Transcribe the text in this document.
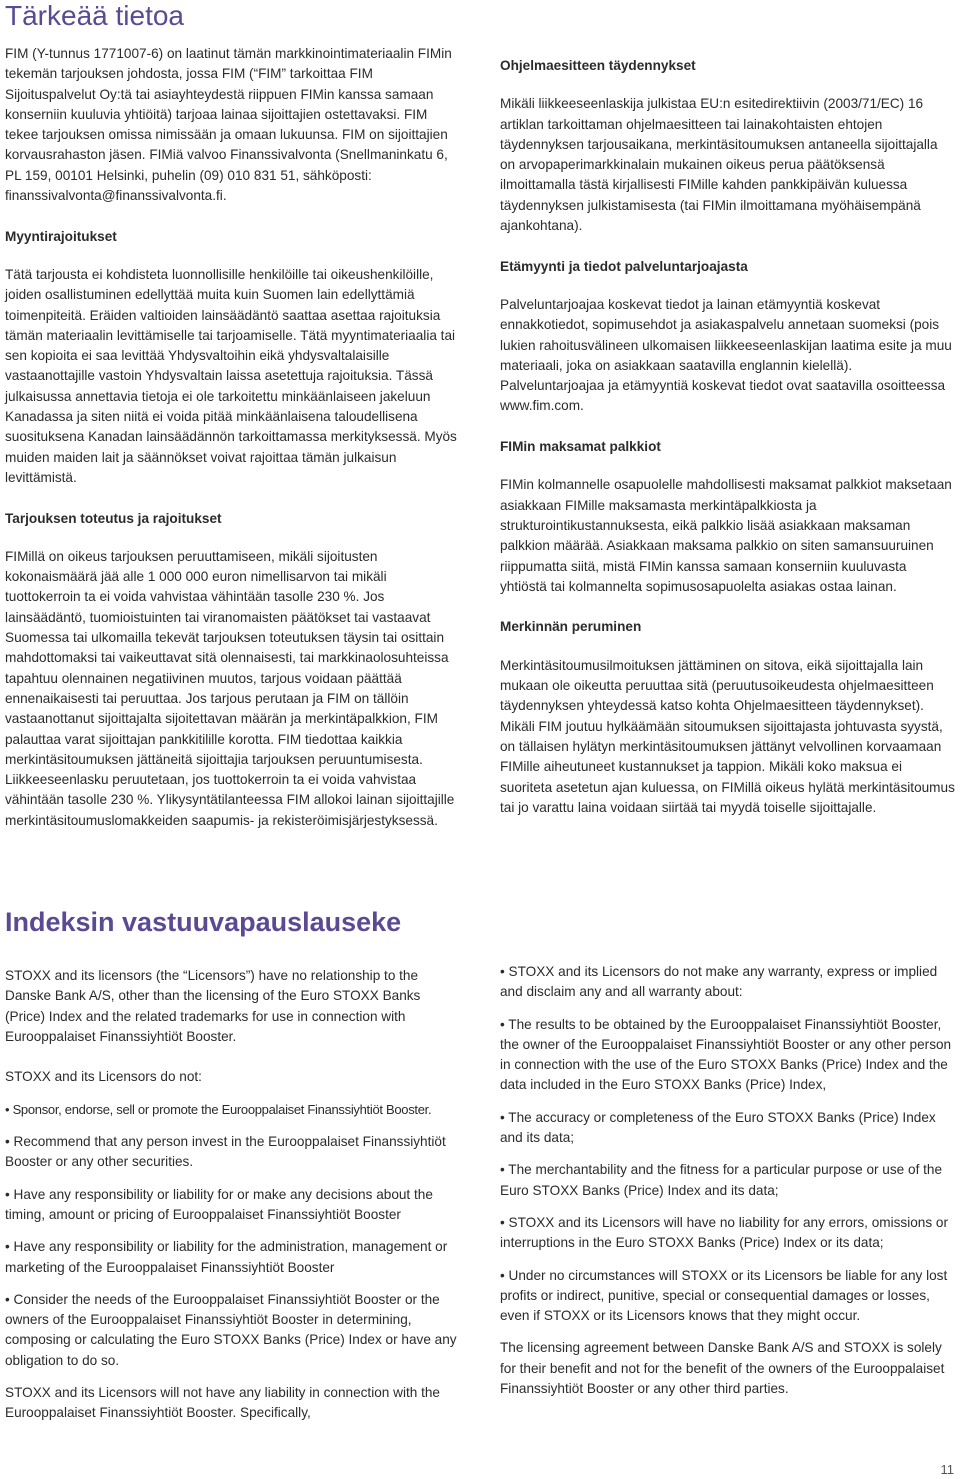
Tärkeää tietoa

FIM (Y-tunnus 1771007-6) on laatinut tämän markkinointimateriaalin FIMin tekemän tarjouksen johdosta, jossa FIM (“FIM” tarkoittaa FIM Sijoituspalvelut Oy:tä tai asiayhteydestä riippuen FIMin kanssa samaan konserniin kuuluvia yhtiöitä) tarjoaa lainaa sijoittajien ostettavaksi. FIM tekee tarjouksen omissa nimissään ja omaan lukuunsa. FIM on sijoittajien korvausrahaston jäsen. FIMiä valvoo Finanssivalvonta (Snellmaninkatu 6, PL 159, 00101 Helsinki, puhelin (09) 010 831 51, sähköposti: finanssivalvonta@finanssivalvonta.fi.

Myyntirajoitukset

Tätä tarjousta ei kohdisteta luonnollisille henkilöille tai oikeushenkilöille, joiden osallistuminen edellyttää muita kuin Suomen lain edellyttämiä toimenpiteitä. Eräiden valtioiden lainsäädäntö saattaa asettaa rajoituksia tämän materiaalin levittämiselle tai tarjoamiselle. Tätä myyntimateriaalia tai sen kopioita ei saa levittää Yhdysvaltoihin eikä yhdysvaltalaisille vastaanottajille vastoin Yhdysvaltain laissa asetettuja rajoituksia. Tässä julkaisussa annettavia tietoja ei ole tarkoitettu minkäänlaiseen jakeluun Kanadassa ja siten niitä ei voida pitää minkäänlaisena taloudellisena suosituksena Kanadan lainsäädännön tarkoittamassa merkityksessä. Myös muiden maiden lait ja säännökset voivat rajoittaa tämän julkaisun levittämistä.

Tarjouksen toteutus ja rajoitukset

FIMillä on oikeus tarjouksen peruuttamiseen, mikäli sijoitusten kokonaismäärä jää alle 1 000 000 euron nimellisarvon tai mikäli tuottokerroin ta ei voida vahvistaa vähintään tasolle 230 %. Jos lainsäädäntö, tuomioistuinten tai viranomaisten päätökset tai vastaavat Suomessa tai ulkomailla tekevät tarjouksen toteutuksen täysin tai osittain mahdottomaksi tai vaikeuttavat sitä olennaisesti, tai markkinaolosuhteissa tapahtuu olennainen negatiivinen muutos, tarjous voidaan päättää ennenaikaisesti tai peruuttaa. Jos tarjous perutaan ja FIM on tällöin vastaanottanut sijoittajalta sijoitettavan määrän ja merkintäpalkkion, FIM palauttaa varat sijoittajan pankkitilille korotta. FIM tiedottaa kaikkia merkintäsitoumuksen jättäneitä sijoittajia tarjouksen peruuntumisesta. Liikkeeseenlasku peruutetaan, jos tuottokerroin ta ei voida vahvistaa vähintään tasolle 230 %. Ylikysyntätilanteessa FIM allokoi lainan sijoittajille merkintäsitoumuslomakkeiden saapumis- ja rekisteröimisjärjestyksessä.

Ohjelmaesitteen täydennykset

Mikäli liikkeeseenlaskija julkistaa EU:n esitedirektiivin (2003/71/EC) 16 artiklan tarkoittaman ohjelmaesitteen tai lainakohtaisten ehtojen täydennyksen tarjousaikana, merkintäsitoumuksen antaneella sijoittajalla on arvopaperimarkkinalain mukainen oikeus perua päätöksensä ilmoittamalla tästä kirjallisesti FIMille kahden pankkipäivän kuluessa täydennyksen julkistamisesta (tai FIMin ilmoittamana myöhäisempänä ajankohtana).

Etämyynti ja tiedot palveluntarjoajasta

Palveluntarjoajaa koskevat tiedot ja lainan etämyyntiä koskevat ennakkotiedot, sopimusehdot ja asiakaspalvelu annetaan suomeksi (pois lukien rahoitusvälineen ulkomaisen liikkeeseenlaskijan laatima esite ja muu materiaali, joka on asiakkaan saatavilla englannin kielellä). Palveluntarjoajaa ja etämyyntiä koskevat tiedot ovat saatavilla osoitteessa www.fim.com.

FIMin maksamat palkkiot

FIMin kolmannelle osapuolelle mahdollisesti maksamat palkkiot maksetaan asiakkaan FIMille maksamasta merkintäpalkkiosta ja strukturointikustannuksesta, eikä palkkio lisää asiakkaan maksaman palkkion määrää. Asiakkaan maksama palkkio on siten samansuuruinen riippumatta siitä, mistä FIMin kanssa samaan konserniin kuuluvasta yhtiöstä tai kolmannelta sopimusosapuolelta asiakas ostaa lainan.

Merkinnän peruminen

Merkintäsitoumusilmoituksen jättäminen on sitova, eikä sijoittajalla lain mukaan ole oikeutta peruuttaa sitä (peruutusoikeudesta ohjelmaesitteen täydennyksen yhteydessä katso kohta Ohjelmaesitteen täydennykset). Mikäli FIM joutuu hylkäämään sitoumuksen sijoittajasta johtuvasta syystä, on tällaisen hylätyn merkintäsitoumuksen jättänyt velvollinen korvaamaan FIMille aiheutuneet kustannukset ja tappion. Mikäli koko maksua ei suoriteta asetetun ajan kuluessa, on FIMillä oikeus hylätä merkintäsitoumus tai jo varattu laina voidaan siirtää tai myydä toiselle sijoittajalle.

Indeksin vastuuvapauslauseke

STOXX and its licensors (the “Licensors”) have no relationship to the Danske Bank A/S, other than the licensing of the Euro STOXX Banks (Price) Index and the related trademarks for use in connection with Eurooppalaiset Finanssiyhtiöt Booster.

STOXX and its Licensors do not:

• Sponsor, endorse, sell or promote the Eurooppalaiset Finanssiyhtiöt Booster.

• Recommend that any person invest in the Eurooppalaiset Finanssiyhtiöt Booster or any other securities.

• Have any responsibility or liability for or make any decisions about the timing, amount or pricing of Eurooppalaiset Finanssiyhtiöt Booster

• Have any responsibility or liability for the administration, management or marketing of the Eurooppalaiset Finanssiyhtiöt Booster

• Consider the needs of the Eurooppalaiset Finanssiyhtiöt Booster or the owners of the Eurooppalaiset Finanssiyhtiöt Booster in determining, composing or calculating the Euro STOXX Banks (Price) Index or have any obligation to do so.

STOXX and its Licensors will not have any liability in connection with the Eurooppalaiset Finanssiyhtiöt Booster. Specifically,

• STOXX and its Licensors do not make any warranty, express or implied and disclaim any and all warranty about:

• The results to be obtained by the Eurooppalaiset Finanssiyhtiöt Booster, the owner of the Eurooppalaiset Finanssiyhtiöt Booster or any other person in connection with the use of the Euro STOXX Banks (Price) Index and the data included in the Euro STOXX Banks (Price) Index,

• The accuracy or completeness of the Euro STOXX Banks (Price) Index and its data;

• The merchantability and the fitness for a particular purpose or use of the Euro STOXX Banks (Price) Index and its data;

• STOXX and its Licensors will have no liability for any errors, omissions or interruptions in the Euro STOXX Banks (Price) Index or its data;

• Under no circumstances will STOXX or its Licensors be liable for any lost profits or indirect, punitive, special or consequential damages or losses, even if STOXX or its Licensors knows that they might occur.

The licensing agreement between Danske Bank A/S and STOXX is solely for their benefit and not for the benefit of the owners of the Eurooppalaiset Finanssiyhtiöt Booster or any other third parties.

11
